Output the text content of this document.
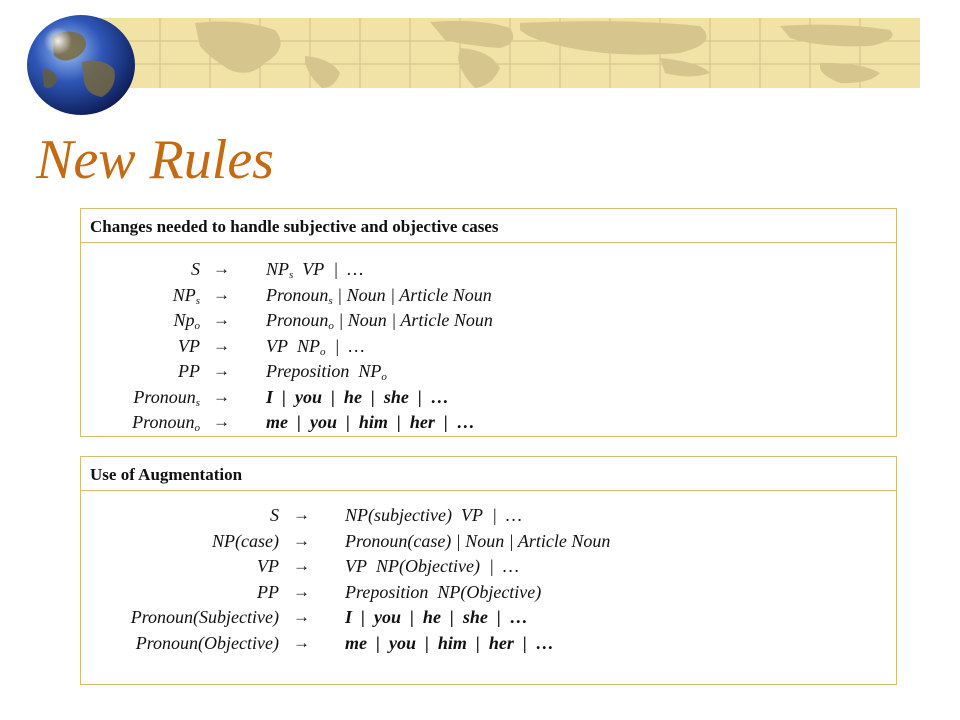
New Rules
Changes needed to handle subjective and objective cases
$S \to NP_s$  VP  |  …
$NP_s$ → Pronoun$_s$ | Noun | Article Noun
$Np_o$ → Pronoun$_o$ | Noun | Article Noun
VP → VP  $NP_o$  |  …
PP → Preposition  $NP_o$
Pronoun$_s$ → I  |  you  |  he  |  she  |  …
Pronoun$_o$ → me  |  you  |  him  |  her  |  …
Use of Augmentation
S → NP(subjective)  VP  |  …
NP(case) → Pronoun(case) | Noun | Article Noun
VP → VP  NP(Objective)  |  …
PP → Preposition  NP(Objective)
Pronoun(Subjective) → I  |  you  |  he  |  she  |  …
Pronoun(Objective) → me  |  you  |  him  |  her  |  …
